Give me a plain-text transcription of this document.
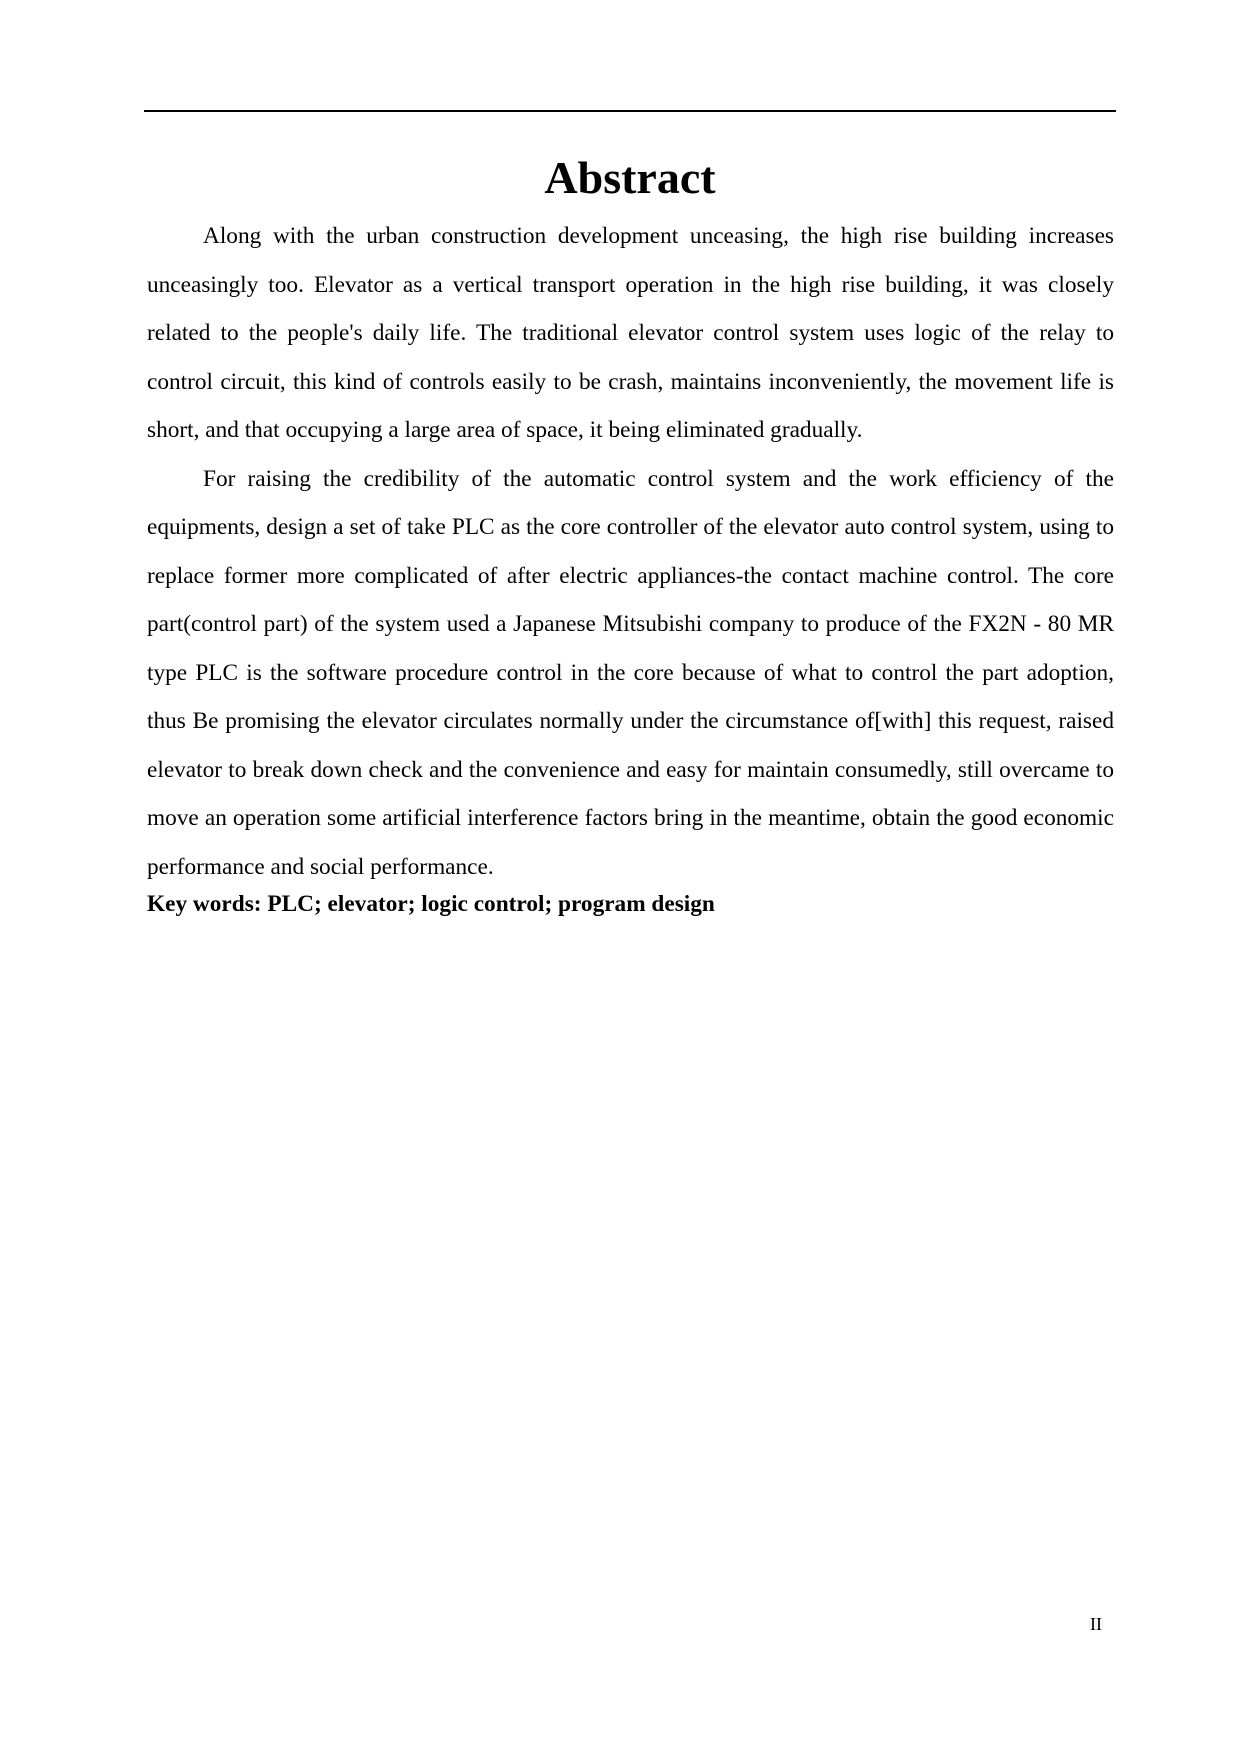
Abstract

Along with the urban construction development unceasing, the high rise building increases unceasingly too. Elevator as a vertical transport operation in the high rise building, it was closely related to the people's daily life. The traditional elevator control system uses logic of the relay to control circuit, this kind of controls easily to be crash, maintains inconveniently, the movement life is short, and that occupying a large area of space, it being eliminated gradually.

For raising the credibility of the automatic control system and the work efficiency of the equipments, design a set of take PLC as the core controller of the elevator auto control system, using to replace former more complicated of after electric appliances-the contact machine control. The core part(control part) of the system used a Japanese Mitsubishi company to produce of the FX2N - 80 MR type PLC is the software procedure control in the core because of what to control the part adoption, thus Be promising the elevator circulates normally under the circumstance of[with] this request, raised elevator to break down check and the convenience and easy for maintain consumedly, still overcame to move an operation some artificial interference factors bring in the meantime, obtain the good economic performance and social performance.

Key words: PLC; elevator; logic control; program design

II
